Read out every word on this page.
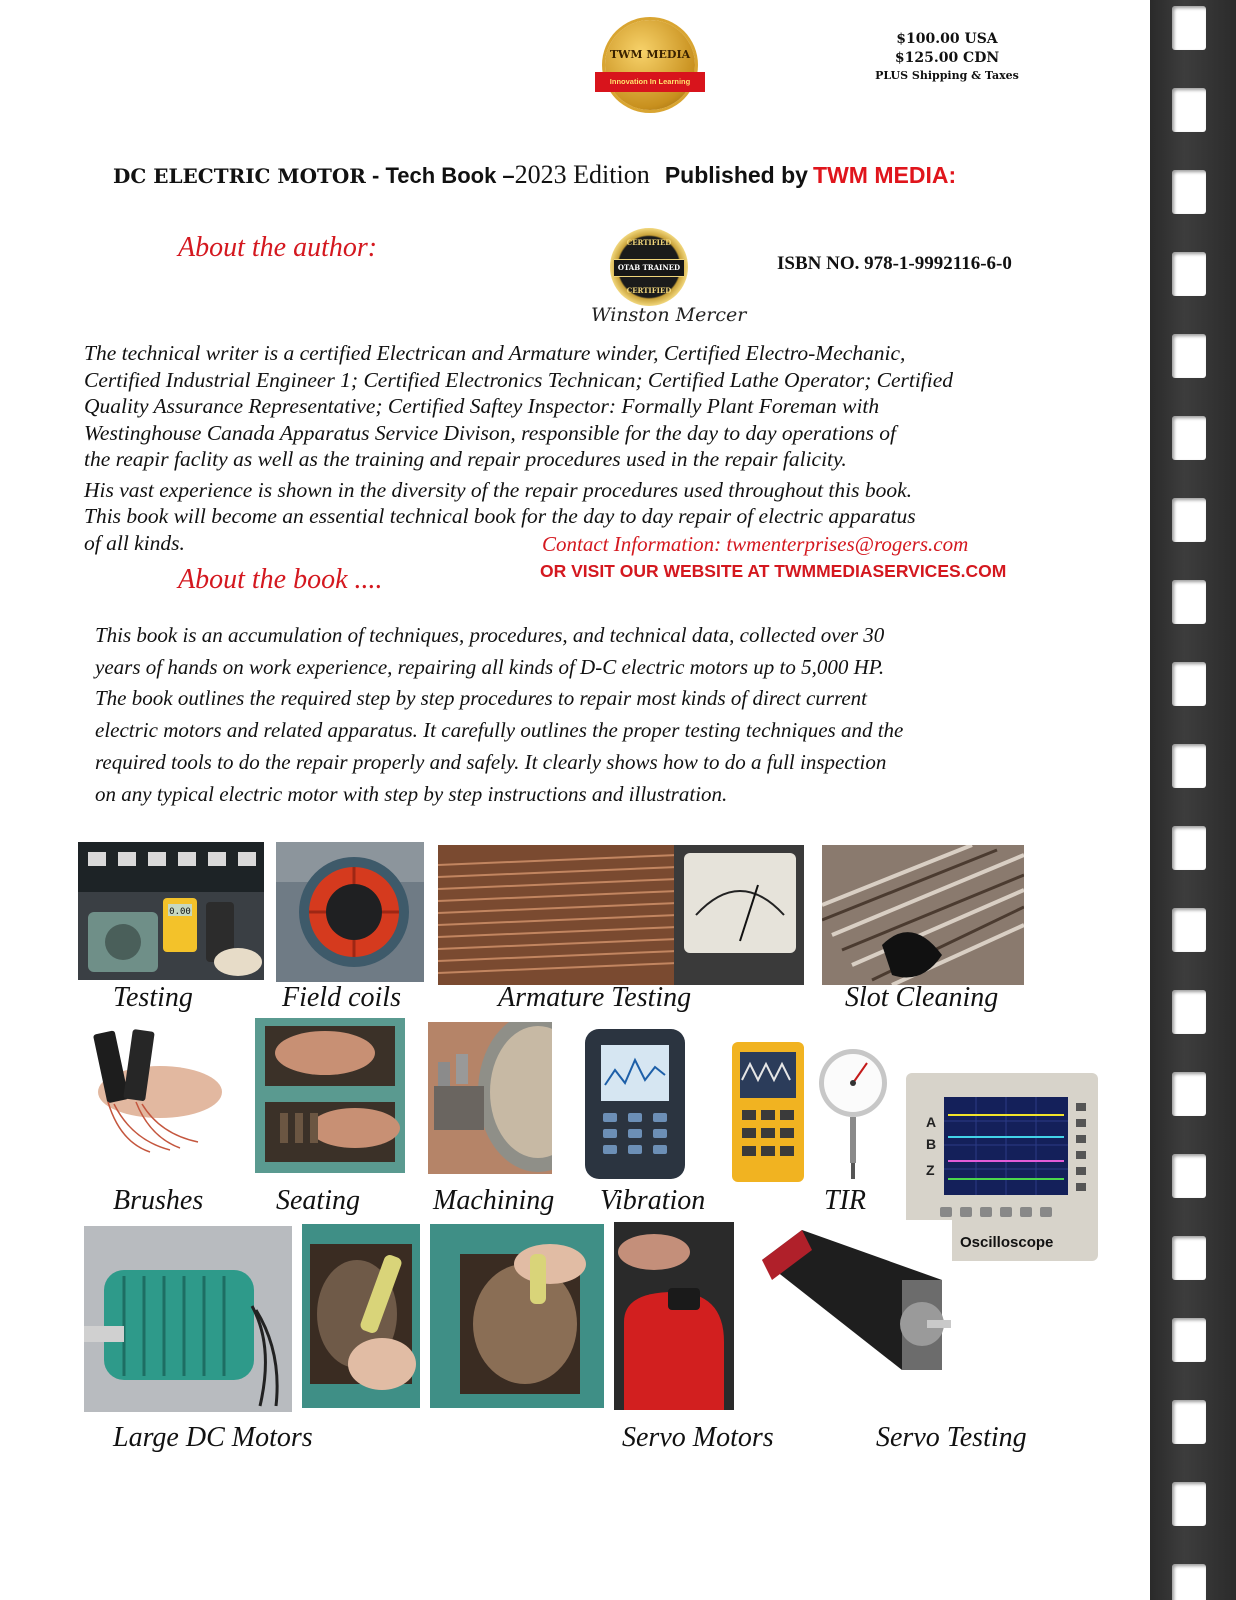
TWM MEDIA
Innovation In Learning
$100.00 USA
$125.00 CDN
PLUS Shipping & Taxes
DC ELECTRIC MOTOR - Tech Book –2023 Edition Published by TWM MEDIA:
About the author:	CERTIFIED
OTAB TRAINED
CERTIFIED
ISBN NO. 978-1-9992116-6-0
Winston Mercer
The technical writer is a certified Electrican and Armature winder, Certified Electro-Mechanic,
Certified Industrial Engineer 1; Certified Electronics Technican; Certified Lathe Operator; Certified
Quality Assurance Representative; Certified Saftey Inspector: Formally Plant Foreman with
Westinghouse Canada Apparatus Service Divison, responsible for the day to day operations of
the reapir faclity as well as the training and repair procedures used in the repair falicity.
His vast experience is shown in the diversity of the repair procedures used throughout this book.
This book will become an essential technical book for the day to day repair of electric apparatus
of all kinds.	Contact Information: twmenterprises@rogers.com
OR VISIT OUR WEBSITE AT TWMMEDIASERVICES.COM
About the book ....
This book is an accumulation of techniques, procedures, and technical data, collected over 30
years of hands on work experience, repairing all kinds of D-C electric motors up to 5,000 HP.
The book outlines the required step by step procedures to repair most kinds of direct current
electric motors and related apparatus. It carefully outlines the proper testing techniques and the
required tools to do the repair properly and safely. It clearly shows how to do a full inspection
on any typical electric motor with step by step instructions and illustration.
0.00
Testing	Field coils	Armature Testing	Slot Cleaning
Brushes	Seating	Machining Vibration	TIR
A
B
Z
Oscilloscope
Large DC Motors	Servo Motors	Servo Testing
